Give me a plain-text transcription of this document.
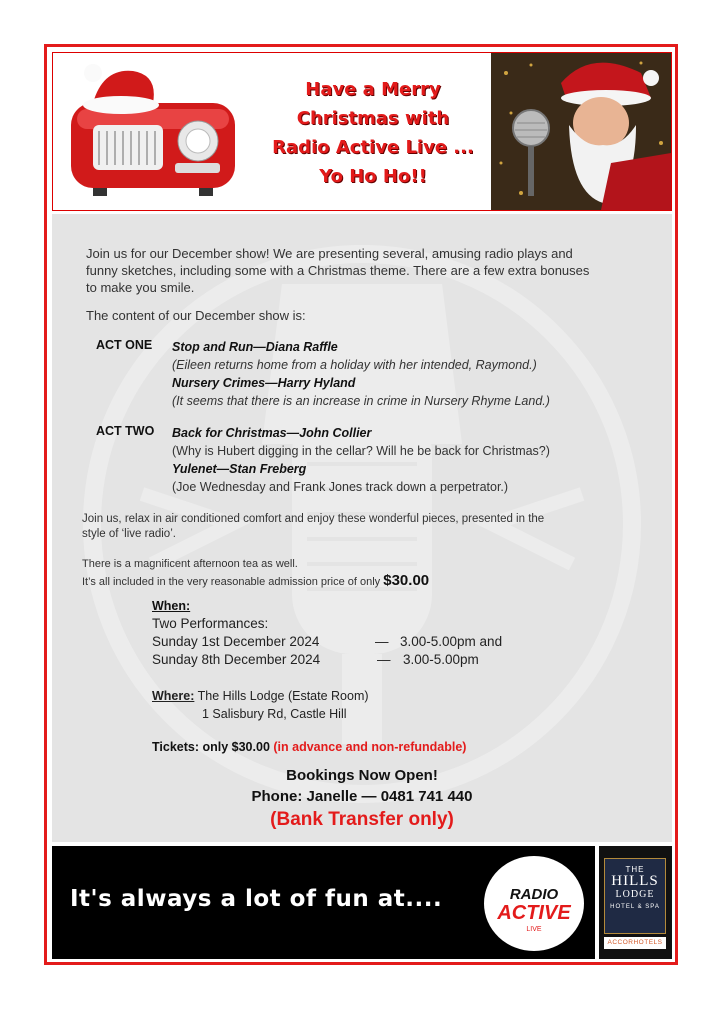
Have a Merry
Christmas with
Radio Active Live ...
Yo Ho Ho!!
Join us for our December show! We are presenting several, amusing radio plays and
funny sketches, including some with a Christmas theme. There are a few extra bonuses
to make you smile.
The content of our December show is:
ACT ONE Stop and Run—Diana Raffle
(Eileen returns home from a holiday with her intended, Raymond.)
Nursery Crimes—Harry Hyland
(It seems that there is an increase in crime in Nursery Rhyme Land.)
ACT TWO Back for Christmas—John Collier
(Why is Hubert digging in the cellar? Will he be back for Christmas?)
Yulenet—Stan Freberg
(Joe Wednesday and Frank Jones track down a perpetrator.)
Join us, relax in air conditioned comfort and enjoy these wonderful pieces, presented in the
style of ‘live radio’.
There is a magnificent afternoon tea as well.
It’s all included in the very reasonable admission price of only $30.00
When:
Two Performances:
Sunday 1st December 2024	— 3.00-5.00pm and
Sunday 8th December 2024	— 3.00-5.00pm
Where: The Hills Lodge (Estate Room)
1 Salisbury Rd, Castle Hill
Tickets: only $30.00 (in advance and non-refundable)
Bookings Now Open!
Phone: Janelle — 0481 741 440
(Bank Transfer only)
It's always a lot of fun at....	RADIO
ACTIVE
LIVE
THE
HILLS
LODGE
HOTEL & SPA
ACCORHOTELS
